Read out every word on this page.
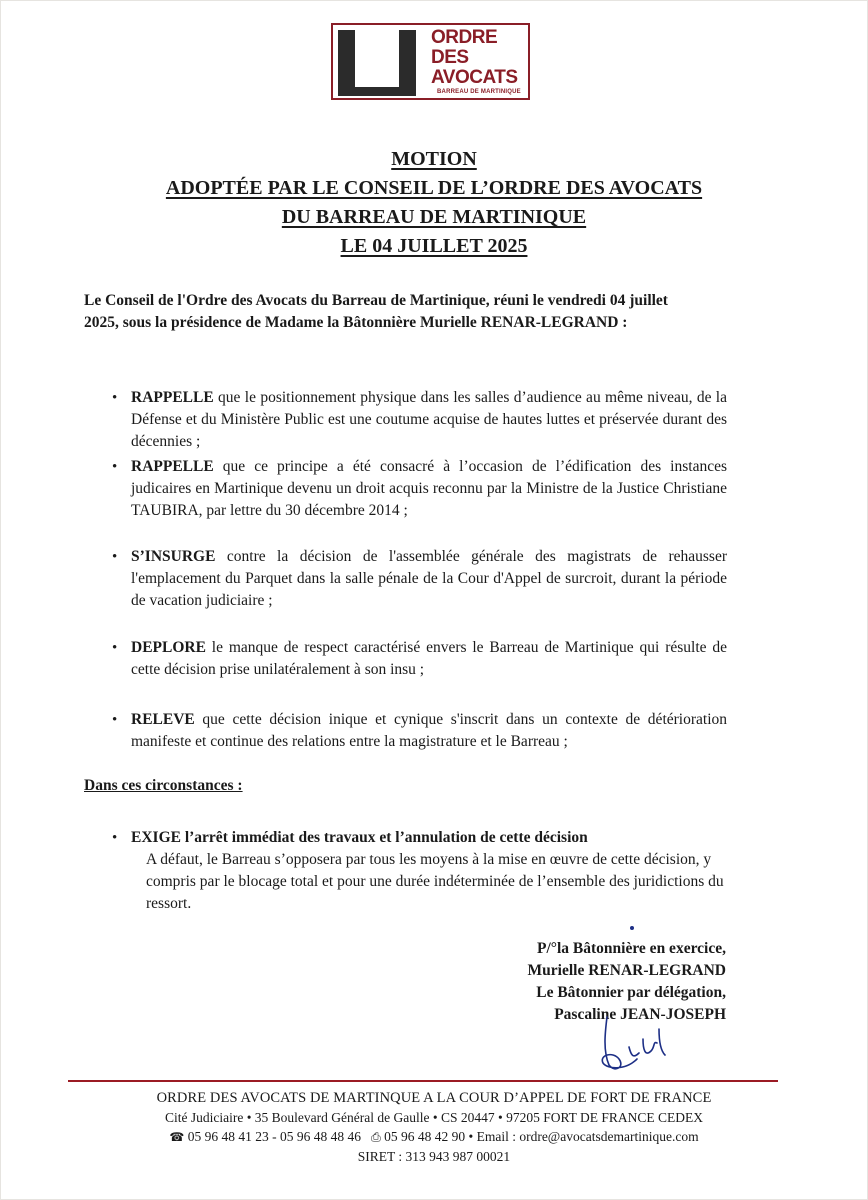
ORDRE
DES
AVOCATS
BARREAU DE MARTINIQUE
MOTION
ADOPTÉE PAR LE CONSEIL DE L’ORDRE DES AVOCATS
DU BARREAU DE MARTINIQUE
LE 04 JUILLET 2025
Le Conseil de l'Ordre des Avocats du Barreau de Martinique, réuni le vendredi 04 juillet
2025, sous la présidence de Madame la Bâtonnière Murielle RENAR-LEGRAND :
• RAPPELLE que le positionnement physique dans les salles d’audience au même niveau, de la Défense et du Ministère Public est une coutume acquise de hautes luttes et préservée durant des décennies ;
• RAPPELLE que ce principe a été consacré à l’occasion de l’édification des instances judicaires en Martinique devenu un droit acquis reconnu par la Ministre de la Justice Christiane TAUBIRA, par lettre du 30 décembre 2014 ;
• S’INSURGE contre la décision de l'assemblée générale des magistrats de rehausser l'emplacement du Parquet dans la salle pénale de la Cour d'Appel de surcroit, durant la période de vacation judiciaire ;
• DEPLORE le manque de respect caractérisé envers le Barreau de Martinique qui résulte de cette décision prise unilatéralement à son insu ;
• RELEVE que cette décision inique et cynique s'inscrit dans un contexte de détérioration manifeste et continue des relations entre la magistrature et le Barreau ;
Dans ces circonstances :
• EXIGE l’arrêt immédiat des travaux et l’annulation de cette décision
A défaut, le Barreau s’opposera par tous les moyens à la mise en œuvre de cette décision, y compris par le blocage total et pour une durée indéterminée de l’ensemble des juridictions du ressort.
P/°la Bâtonnière en exercice,
Murielle RENAR-LEGRAND
Le Bâtonnier par délégation,
Pascaline JEAN-JOSEPH
ORDRE DES AVOCATS DE MARTINQUE A LA COUR D’APPEL DE FORT DE FRANCE
Cité Judiciaire • 35 Boulevard Général de Gaulle • CS 20447 • 97205 FORT DE FRANCE CEDEX
☎ 05 96 48 41 23 - 05 96 48 48 46 ⎙ 05 96 48 42 90 • Email : ordre@avocatsdemartinique.com
SIRET : 313 943 987 00021
